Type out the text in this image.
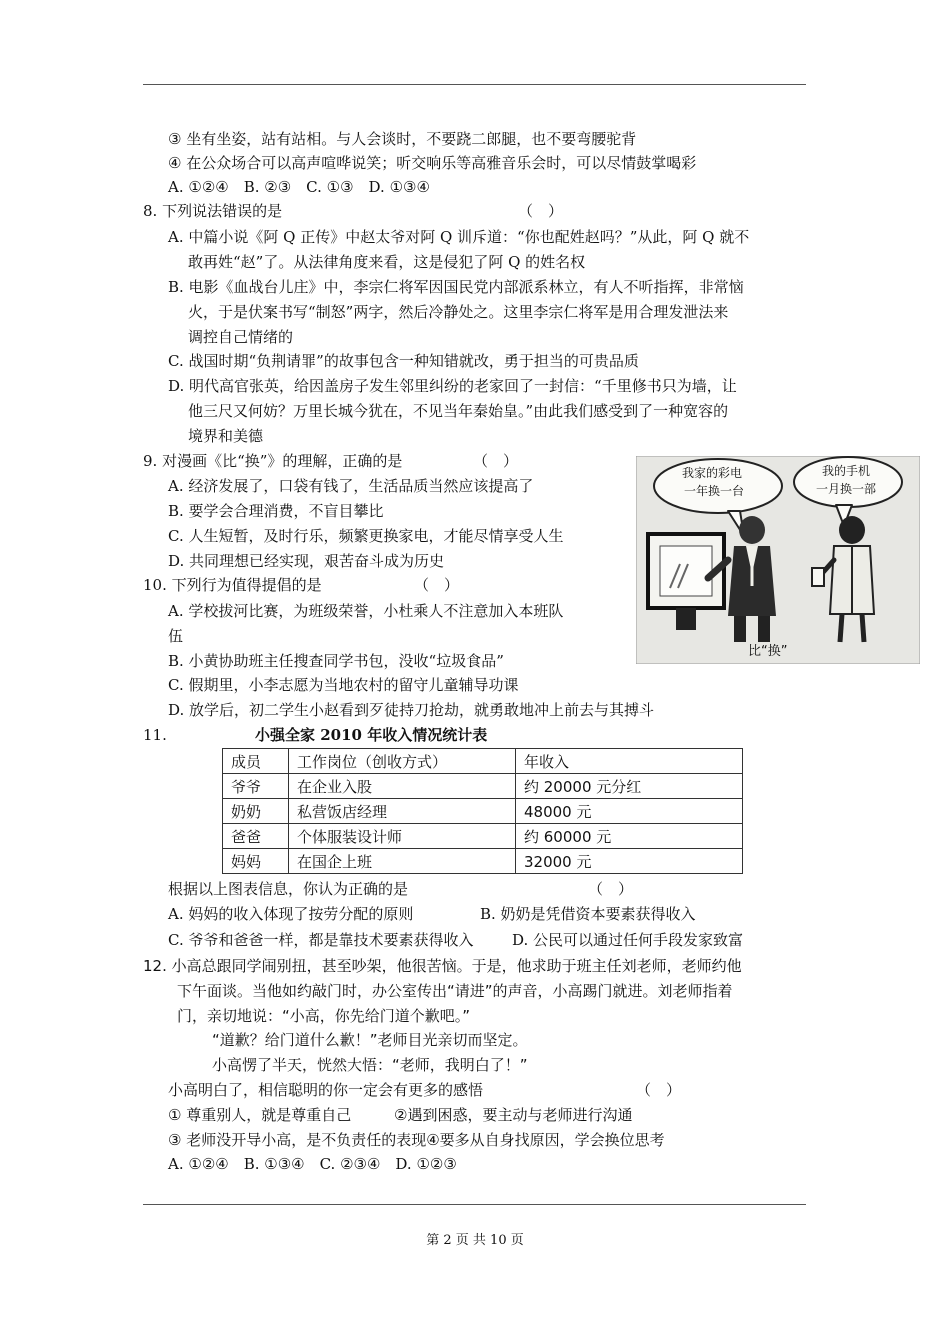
③ 坐有坐姿，站有站相。与人会谈时，不要跷二郎腿，也不要弯腰驼背
④ 在公众场合可以高声喧哗说笑；听交响乐等高雅音乐会时，可以尽情鼓掌喝彩
A. ①②④　B. ②③　C. ①③　D. ①③④
8. 下列说法错误的是	（　）
A. 中篇小说《阿 Q 正传》中赵太爷对阿 Q 训斥道：“你也配姓赵吗？”从此，阿 Q 就不
敢再姓“赵”了。从法律角度来看，这是侵犯了阿 Q 的姓名权
B. 电影《血战台儿庄》中，李宗仁将军因国民党内部派系林立，有人不听指挥，非常恼
火，于是伏案书写“制怒”两字，然后冷静处之。这里李宗仁将军是用合理发泄法来
调控自己情绪的
C. 战国时期“负荆请罪”的故事包含一种知错就改，勇于担当的可贵品质
D. 明代高官张英，给因盖房子发生邻里纠纷的老家回了一封信：“千里修书只为墙，让
他三尺又何妨？万里长城今犹在，不见当年秦始皇。”由此我们感受到了一种宽容的
境界和美德
9. 对漫画《比“换”》的理解，正确的是	（　）
A. 经济发展了，口袋有钱了，生活品质当然应该提高了
B. 要学会合理消费，不盲目攀比
C. 人生短暂，及时行乐，频繁更换家电，才能尽情享受人生
D. 共同理想已经实现，艰苦奋斗成为历史
10. 下列行为值得提倡的是	（　）
A. 学校拔河比赛，为班级荣誉，小杜乘人不注意加入本班队
伍
B. 小黄协助班主任搜查同学书包，没收“垃圾食品”
C. 假期里，小李志愿为当地农村的留守儿童辅导功课
D. 放学后，初二学生小赵看到歹徒持刀抢劫，就勇敢地冲上前去与其搏斗
我家的彩电
一年换一台
我的手机
一月换一部
比“换”
11.	小强全家 2010 年收入情况统计表
成员	工作岗位（创收方式）	年收入
爷爷	在企业入股	约 20000 元分红
奶奶	私营饭店经理	48000 元
爸爸	个体服装设计师	约 60000 元
妈妈	在国企上班	32000 元
根据以上图表信息，你认为正确的是	（　）
A. 妈妈的收入体现了按劳分配的原则	B. 奶奶是凭借资本要素获得收入
C. 爷爷和爸爸一样，都是靠技术要素获得收入	D. 公民可以通过任何手段发家致富
12. 小高总跟同学闹别扭，甚至吵架，他很苦恼。于是，他求助于班主任刘老师，老师约他
下午面谈。当他如约敲门时，办公室传出“请进”的声音，小高踢门就进。刘老师指着
门，亲切地说：“小高，你先给门道个歉吧。”
“道歉？给门道什么歉！”老师目光亲切而坚定。
小高愣了半天，恍然大悟：“老师，我明白了！”
小高明白了，相信聪明的你一定会有更多的感悟	（　）
① 尊重别人，就是尊重自己	②遇到困惑，要主动与老师进行沟通
③ 老师没开导小高，是不负责任的表现④要多从自身找原因，学会换位思考
A. ①②④　B. ①③④　C. ②③④　D. ①②③
第 2 页 共 10 页
